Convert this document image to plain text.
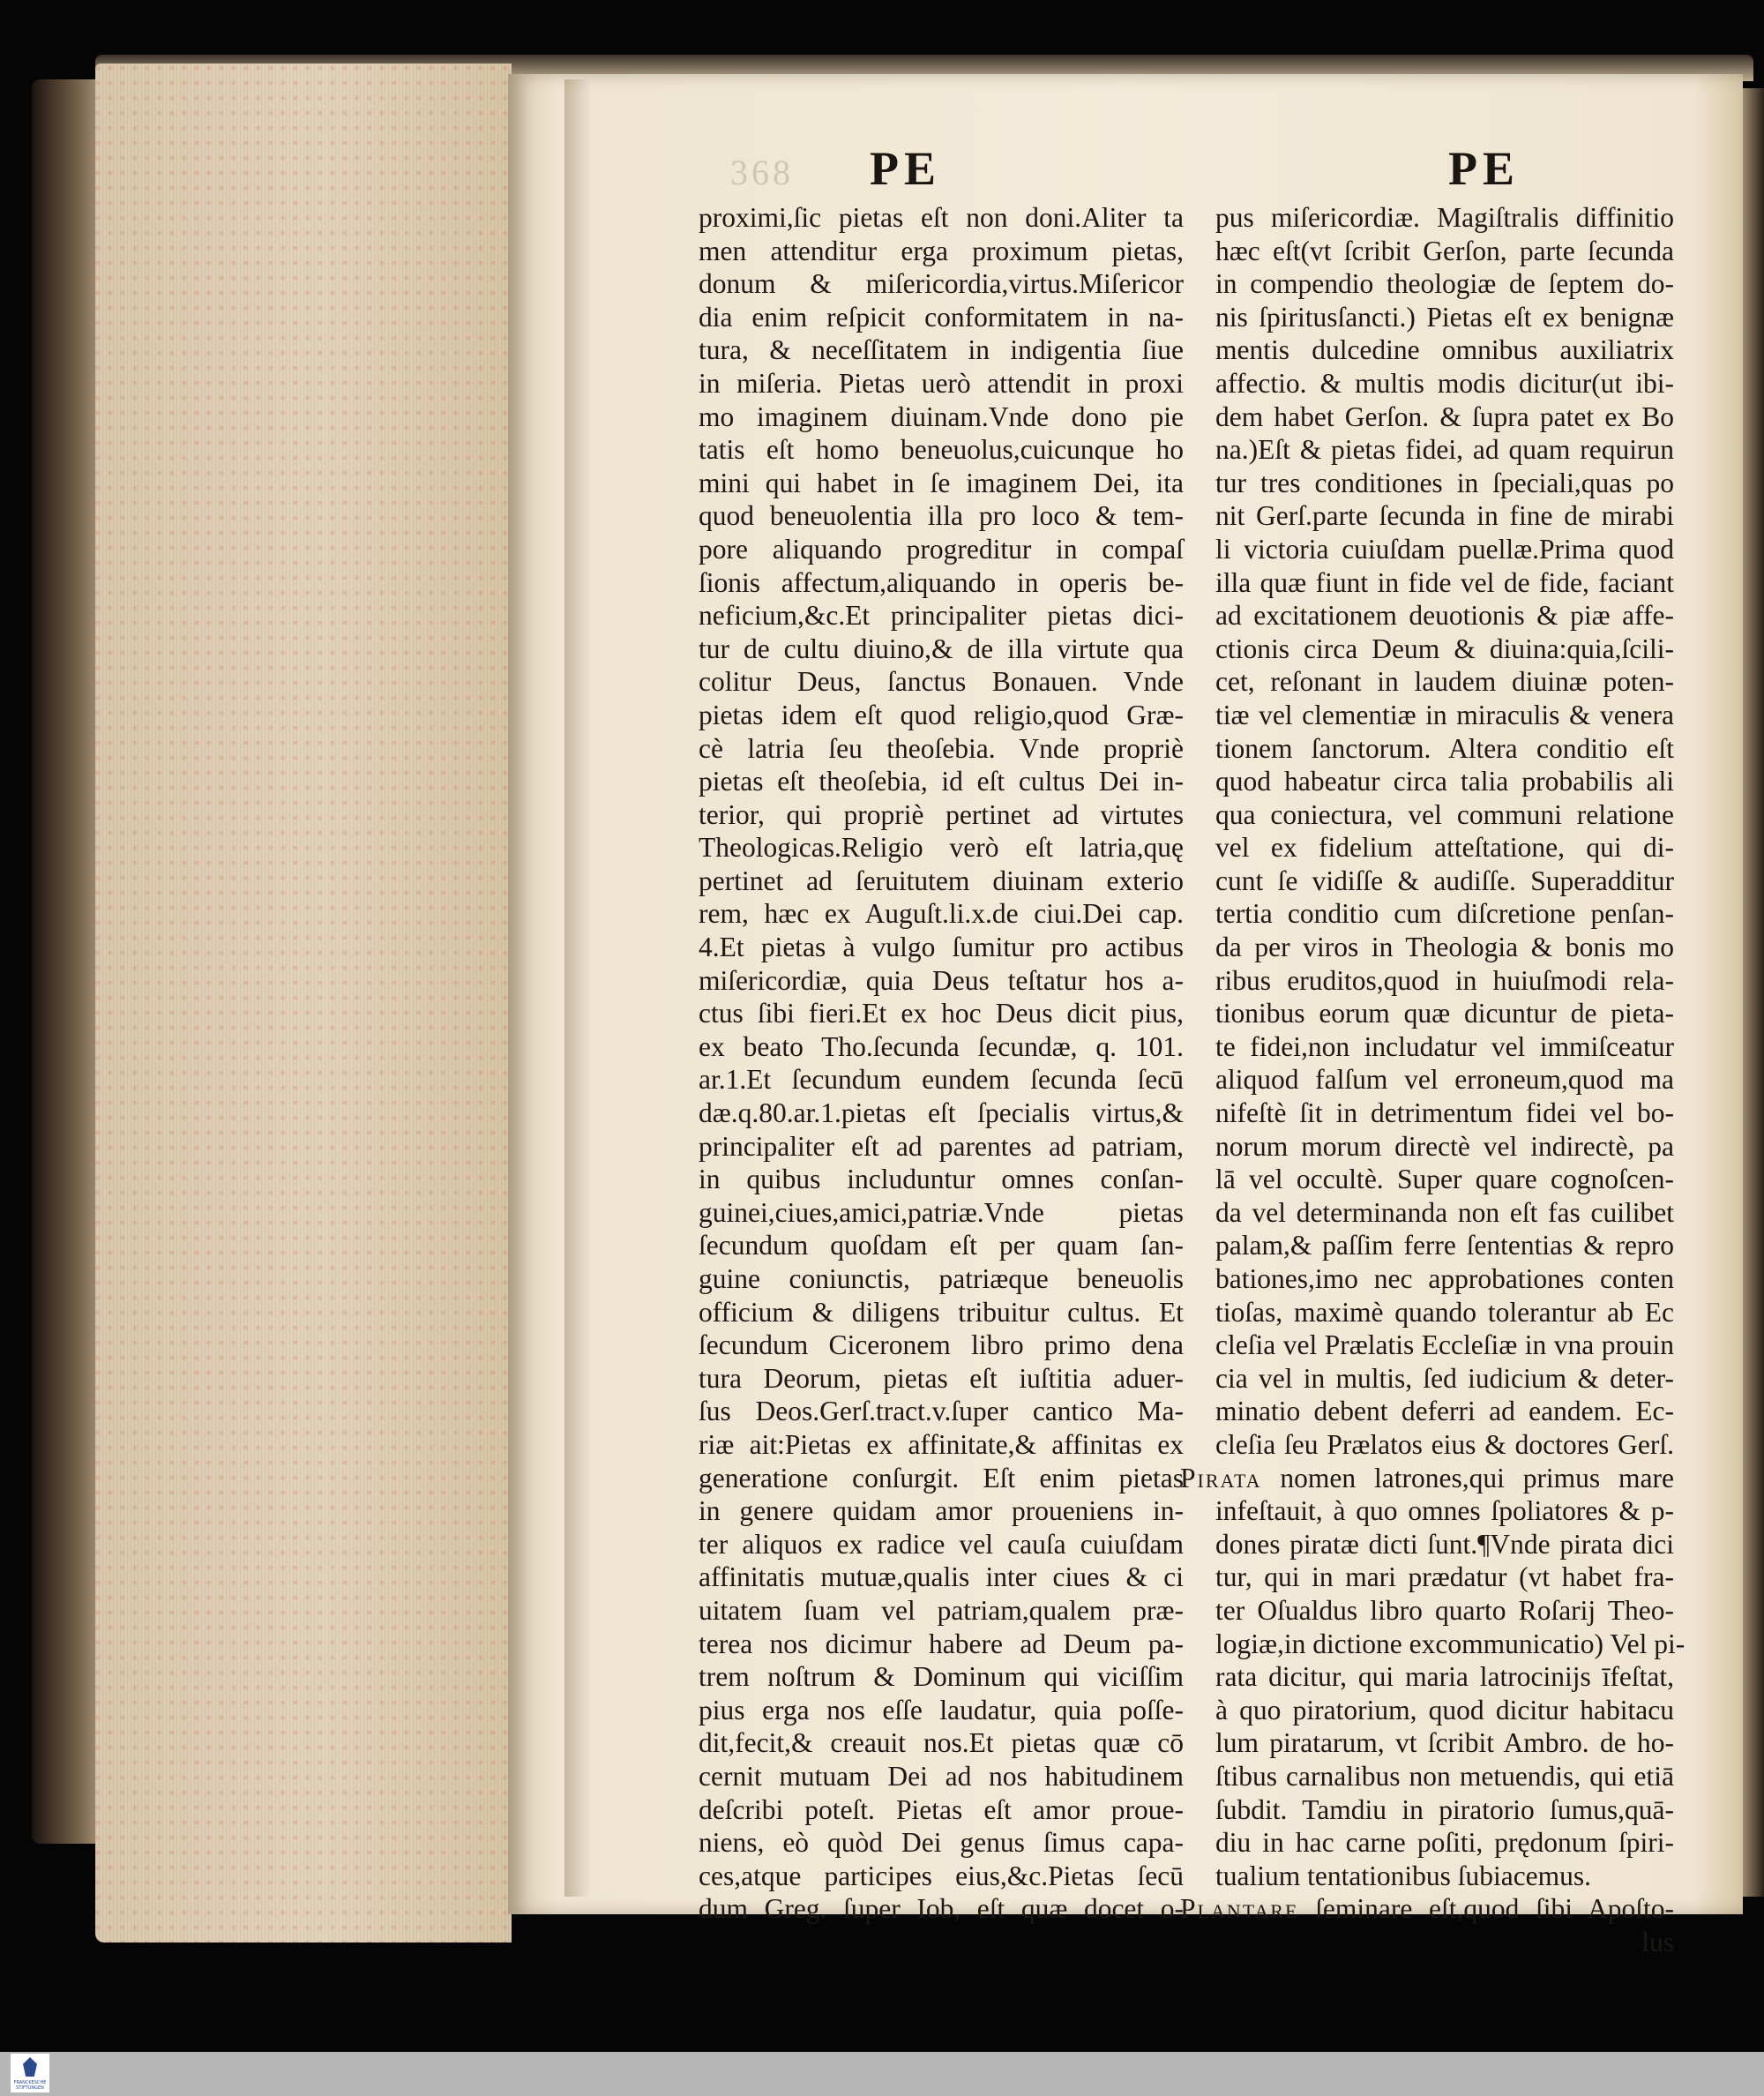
368 PE	PE
proximi,ſic pietas eſt non doni.Aliter ta
men attenditur erga proximum pietas,
donum & miſericordia,virtus.Miſericor
dia enim reſpicit conformitatem in na-
tura, & neceſſitatem in indigentia ſiue
in miſeria. Pietas uerò attendit in proxi
mo imaginem diuinam.Vnde dono pie
tatis eſt homo beneuolus,cuicunque ho
mini qui habet in ſe imaginem Dei, ita
quod beneuolentia illa pro loco & tem-
pore aliquando progreditur in compaſ
ſionis affectum,aliquando in operis be-
neficium,&c.Et principaliter pietas dici-
tur de cultu diuino,& de illa virtute qua
colitur Deus, ſanctus Bonauen. Vnde
pietas idem eſt quod religio,quod Græ-
cè latria ſeu theoſebia. Vnde propriè
pietas eſt theoſebia, id eſt cultus Dei in-
terior, qui propriè pertinet ad virtutes
Theologicas.Religio verò eſt latria,quę
pertinet ad ſeruitutem diuinam exterio
rem, hæc ex Auguſt.li.x.de ciui.Dei cap.
4.Et pietas à vulgo ſumitur pro actibus
miſericordiæ, quia Deus teſtatur hos a-
ctus ſibi fieri.Et ex hoc Deus dicit pius,
ex beato Tho.ſecunda ſecundæ, q. 101.
ar.1.Et ſecundum eundem ſecunda ſecū
dæ.q.80.ar.1.pietas eſt ſpecialis virtus,&
principaliter eſt ad parentes ad patriam,
in quibus includuntur omnes conſan-
guinei,ciues,amici,patriæ.Vnde pietas
ſecundum quoſdam eſt per quam ſan-
guine coniunctis, patriæque beneuolis
officium & diligens tribuitur cultus. Et
ſecundum Ciceronem libro primo dena
tura Deorum, pietas eſt iuſtitia aduer-
ſus Deos.Gerſ.tract.v.ſuper cantico Ma-
riæ ait:Pietas ex affinitate,& affinitas ex
generatione conſurgit. Eſt enim pietas
in genere quidam amor proueniens in-
ter aliquos ex radice vel cauſa cuiuſdam
affinitatis mutuæ,qualis inter ciues & ci
uitatem ſuam vel patriam,qualem præ-
terea nos dicimur habere ad Deum pa-
trem noſtrum & Dominum qui viciſſim
pius erga nos eſſe laudatur, quia poſſe-
dit,fecit,& creauit nos.Et pietas quæ cō
cernit mutuam Dei ad nos habitudinem
deſcribi poteſt. Pietas eſt amor proue-
niens, eò quòd Dei genus ſimus capa-
ces,atque participes eius,&c.Pietas ſecū
dum Greg. ſuper Iob, eſt quæ docet o-
pus miſericordiæ. Magiſtralis diffinitio
hæc eſt(vt ſcribit Gerſon, parte ſecunda
in compendio theologiæ de ſeptem do-
nis ſpiritusſancti.) Pietas eſt ex benignæ
mentis dulcedine omnibus auxiliatrix
affectio. & multis modis dicitur(ut ibi-
dem habet Gerſon. & ſupra patet ex Bo
na.)Eſt & pietas fidei, ad quam requirun
tur tres conditiones in ſpeciali,quas po
nit Gerſ.parte ſecunda in fine de mirabi
li victoria cuiuſdam puellæ.Prima quod
illa quæ fiunt in fide vel de fide, faciant
ad excitationem deuotionis & piæ affe-
ctionis circa Deum & diuina:quia,ſcili-
cet, reſonant in laudem diuinæ poten-
tiæ vel clementiæ in miraculis & venera
tionem ſanctorum. Altera conditio eſt
quod habeatur circa talia probabilis ali
qua coniectura, vel communi relatione
vel ex fidelium atteſtatione, qui di-
cunt ſe vidiſſe & audiſſe. Superadditur
tertia conditio cum diſcretione penſan-
da per viros in Theologia & bonis mo
ribus eruditos,quod in huiuſmodi rela-
tionibus eorum quæ dicuntur de pieta-
te fidei,non includatur vel immiſceatur
aliquod falſum vel erroneum,quod ma
nifeſtè ſit in detrimentum fidei vel bo-
norum morum directè vel indirectè, pa
lā vel occultè. Super quare cognoſcen-
da vel determinanda non eſt fas cuilibet
palam,& paſſim ferre ſententias & repro
bationes,imo nec approbationes conten
tioſas, maximè quando tolerantur ab Ec
cleſia vel Prælatis Eccleſiæ in vna prouin
cia vel in multis, ſed iudicium & deter-
minatio debent deferri ad eandem. Ec-
cleſia ſeu Prælatos eius & doctores Gerſ.
Pirata nomen latrones,qui primus mare
infeſtauit, à quo omnes ſpoliatores & p-
dones piratæ dicti ſunt.¶Vnde pirata dici
tur, qui in mari prædatur (vt habet fra-
ter Oſualdus libro quarto Roſarij Theo-
logiæ,in dictione excommunicatio) Vel pi-
rata dicitur, qui maria latrocinijs īfeſtat,
à quo piratorium, quod dicitur habitacu
lum piratarum, vt ſcribit Ambro. de ho-
ſtibus carnalibus non metuendis, qui etiā
ſubdit. Tamdiu in piratorio ſumus,quā-
diu in hac carne poſiti, prędonum ſpiri-
tualium tentationibus ſubiacemus.
Plantare ſeminare eſt,quod ſibi Apoſto-
lus
FRANCKESCHE STIFTUNGEN
